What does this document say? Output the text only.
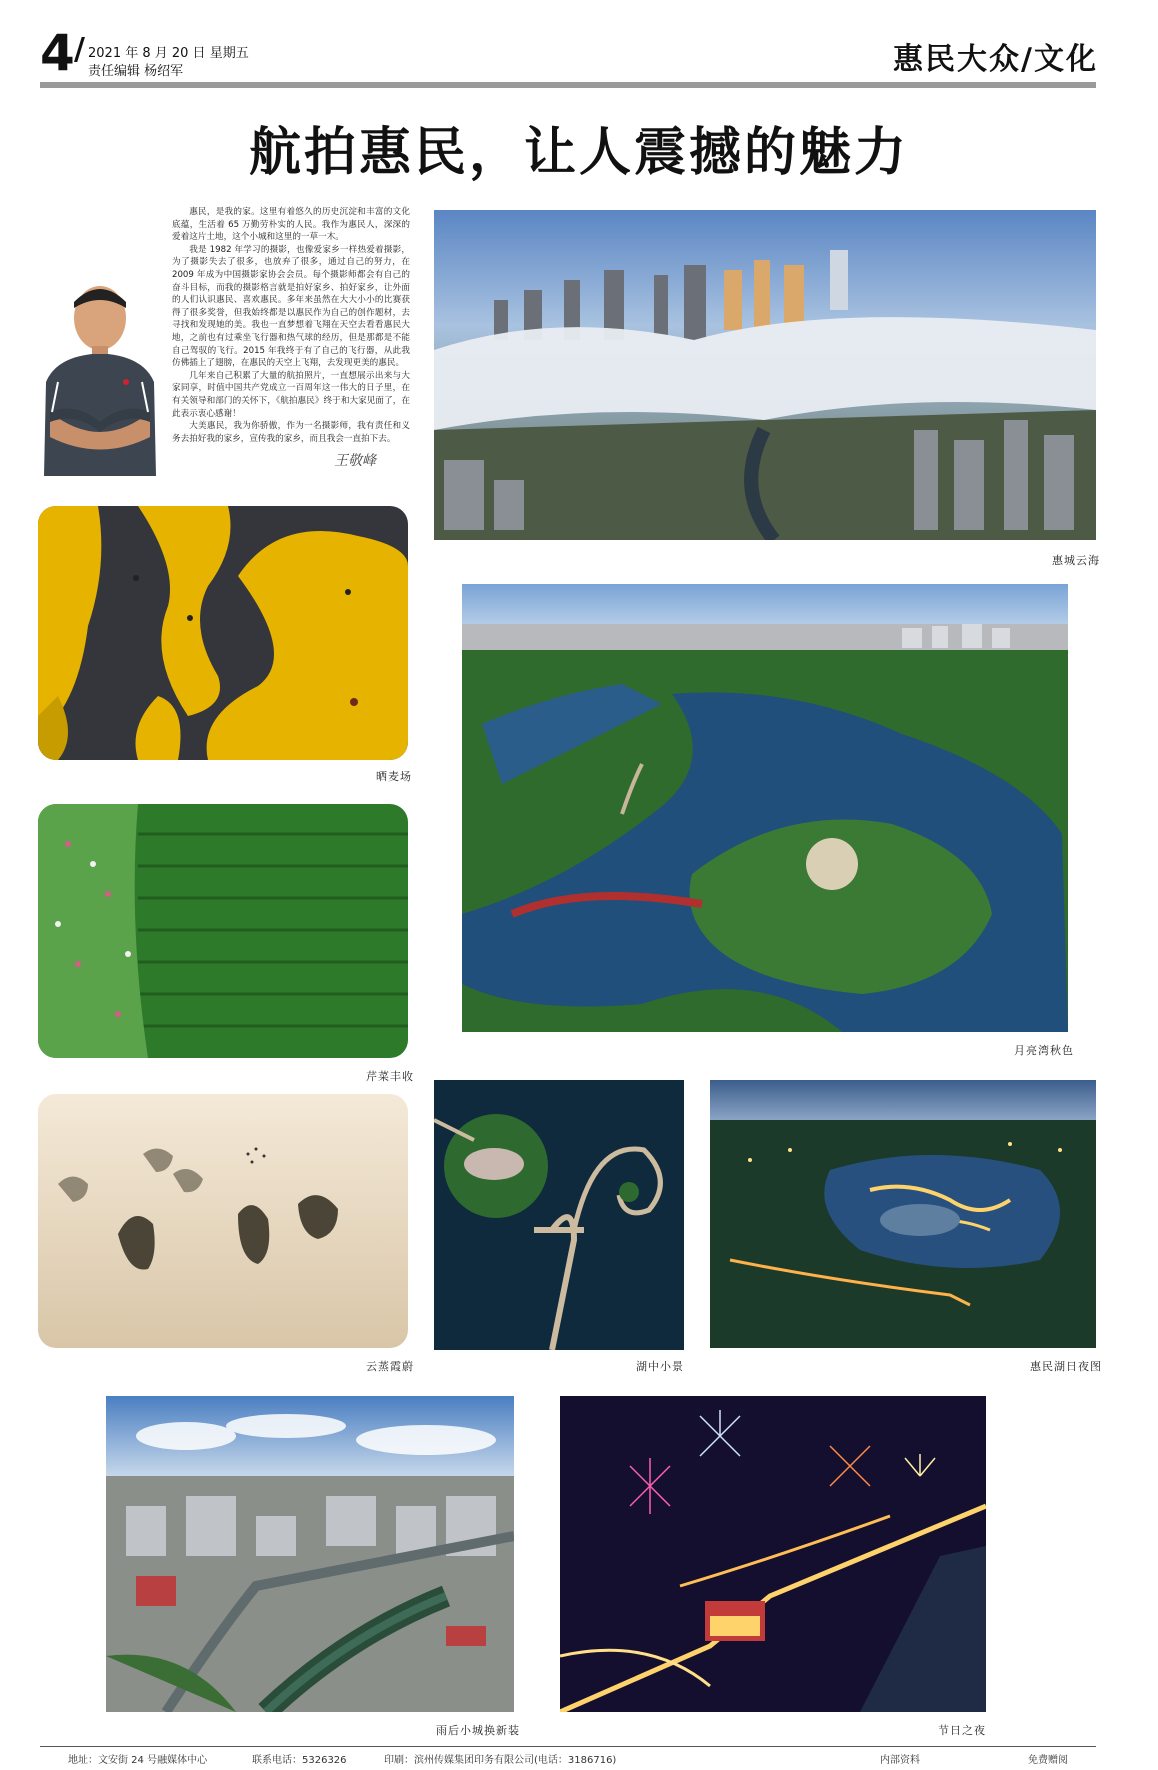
4 / 2021 年 8 月 20 日 星期五
责任编辑 杨绍军	惠民大众/文化
航拍惠民，让人震撼的魅力

惠民，是我的家。这里有着悠久的历史沉淀和丰富的文化底蕴，生活着 65 万勤劳朴实的人民。我作为惠民人，深深的爱着这片土地，这个小城和这里的一草一木。

我是 1982 年学习的摄影，也像爱家乡一样热爱着摄影，为了摄影失去了很多，也放弃了很多，通过自己的努力，在 2009 年成为中国摄影家协会会员。每个摄影师都会有自己的奋斗目标，而我的摄影格言就是拍好家乡、拍好家乡，让外面的人们认识惠民、喜欢惠民。多年来虽然在大大小小的比赛获得了很多奖誉，但我始终都是以惠民作为自己的创作题材，去寻找和发现她的美。我也一直梦想着飞翔在天空去看看惠民大地，之前也有过乘坐飞行器和热气球的经历，但是那都是不能自己驾驭的飞行。2015 年我终于有了自己的飞行器，从此我仿佛插上了翅膀，在惠民的天空上飞翔，去发现更美的惠民。

几年来自己积累了大量的航拍照片，一直想展示出来与大家同享，时值中国共产党成立一百周年这一伟大的日子里，在有关领导和部门的关怀下，《航拍惠民》终于和大家见面了，在此表示衷心感谢！

大美惠民，我为你骄傲，作为一名摄影师，我有责任和义务去拍好我的家乡，宣传我的家乡，而且我会一直拍下去。

王敬峰
惠城云海
晒麦场
月亮湾秋色
芹菜丰收
云蒸霞蔚	湖中小景	惠民湖日夜图
雨后小城换新装	节日之夜
地址：文安街 24 号融媒体中心	联系电话：5326326	印刷：滨州传媒集团印务有限公司(电话：3186716)	内部资料	免费赠阅
